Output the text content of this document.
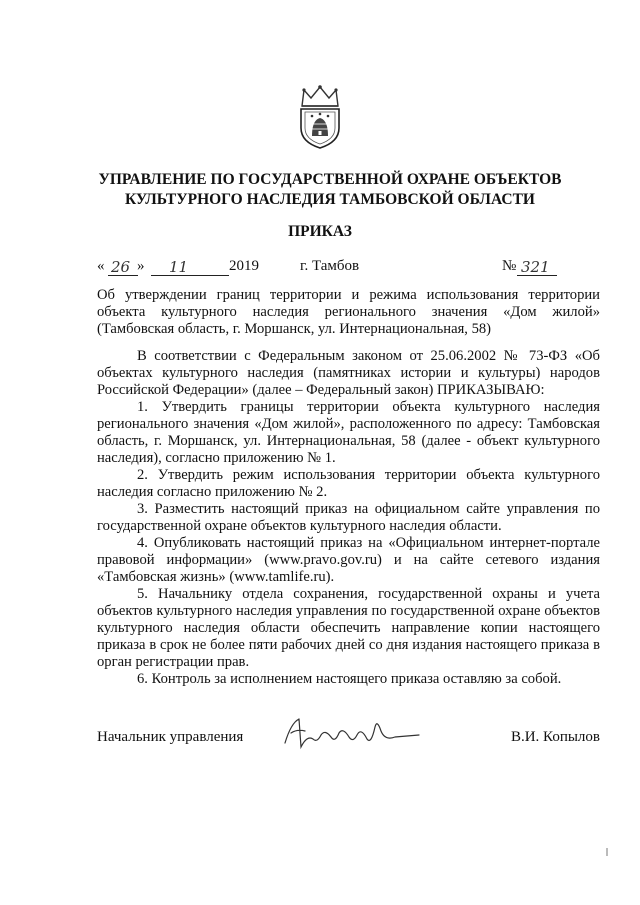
УПРАВЛЕНИЕ ПО ГОСУДАРСТВЕННОЙ ОХРАНЕ ОБЪЕКТОВ
КУЛЬТУРНОГО НАСЛЕДИЯ ТАМБОВСКОЙ ОБЛАСТИ
ПРИКАЗ
« 26 » 11	2019	г. Тамбов	№ 321
Об утверждении границ территории и режима использования территории объекта культурного наследия регионального значения «Дом жилой» (Тамбовская область, г. Моршанск, ул. Интернациональная, 58)

В соответствии с Федеральным законом от 25.06.2002 № 73-ФЗ «Об объектах культурного наследия (памятниках истории и культуры) народов Российской Федерации» (далее – Федеральный закон) ПРИКАЗЫВАЮ:

1. Утвердить границы территории объекта культурного наследия регионального значения «Дом жилой», расположенного по адресу: Тамбовская область, г. Моршанск, ул. Интернациональная, 58 (далее - объект культурного наследия), согласно приложению № 1.

2. Утвердить режим использования территории объекта культурного наследия согласно приложению № 2.

3. Разместить настоящий приказ на официальном сайте управления по государственной охране объектов культурного наследия области.

4. Опубликовать настоящий приказ на «Официальном интернет-портале правовой информации» (www.pravo.gov.ru) и на сайте сетевого издания «Тамбовская жизнь» (www.tamlife.ru).

5. Начальнику отдела сохранения, государственной охраны и учета объектов культурного наследия управления по государственной охране объектов культурного наследия области обеспечить направление копии настоящего приказа в срок не более пяти рабочих дней со дня издания настоящего приказа в орган регистрации прав.

6. Контроль за исполнением настоящего приказа оставляю за собой.

Начальник управления	В.И. Копылов
